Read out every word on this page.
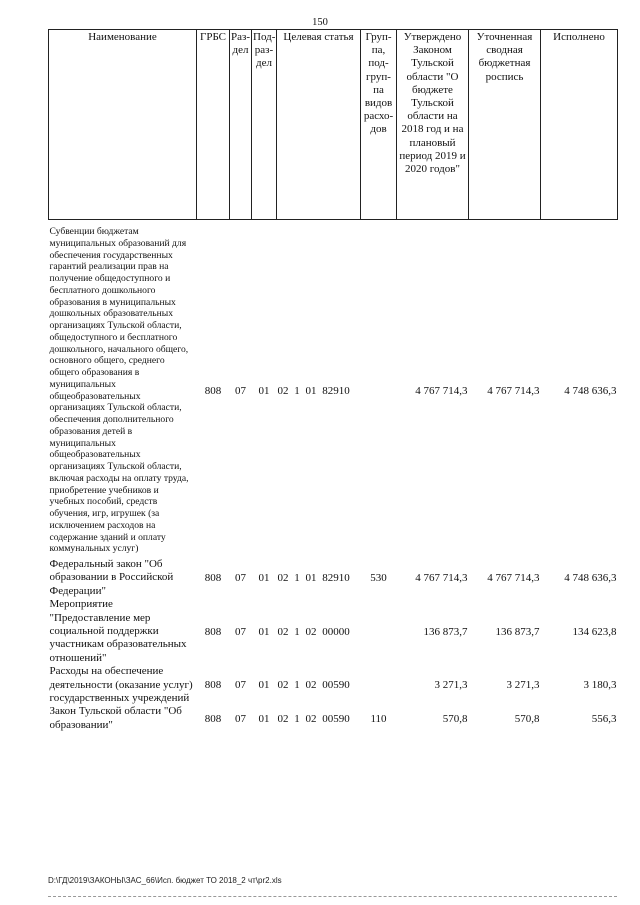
150
Наименование	ГРБС	Раз-дел	Под-раз-дел	Целевая статья	Груп-па, под-груп-па видов расхо-дов	Утверждено Законом Тульской области "О бюджете Тульской области на 2018 год и на плановый период 2019 и 2020 годов"	Уточненная сводная бюджетная роспись	Исполнено

Субвенции бюджетам муниципальных образований для обеспечения государственных гарантий реализации прав на получение общедоступного и бесплатного дошкольного образования в муниципальных дошкольных образовательных организациях Тульской области, общедоступного и бесплатного дошкольного, начального общего, основного общего, среднего общего образования в муниципальных общеобразовательных организациях Тульской области, обеспечения дополнительного образования детей в муниципальных общеобразовательных организациях Тульской области, включая расходы на оплату труда, приобретение учебников и учебных пособий, средств обучения, игр, игрушек (за исключением расходов на содержание зданий и оплату коммунальных услуг)	808	07	01	02 1 01 82910		4 767 714,3	4 767 714,3	4 748 636,3

Федеральный закон "Об образовании в Российской Федерации"	808	07	01	02 1 01 82910	530	4 767 714,3	4 767 714,3	4 748 636,3
Мероприятие "Предоставление мер социальной поддержки участникам образовательных отношений"	808	07	01	02 1 02 00000		136 873,7	136 873,7	134 623,8
Расходы на обеспечение деятельности (оказание услуг) государственных учреждений	808	07	01	02 1 02 00590		3 271,3	3 271,3	3 180,3
Закон Тульской области "Об образовании"	808	07	01	02 1 02 00590	110	570,8	570,8	556,3
D:\ГД\2019\ЗАКОНЫ\ЗАС_66\Исп. бюджет ТО 2018_2 чт\pr2.xls
